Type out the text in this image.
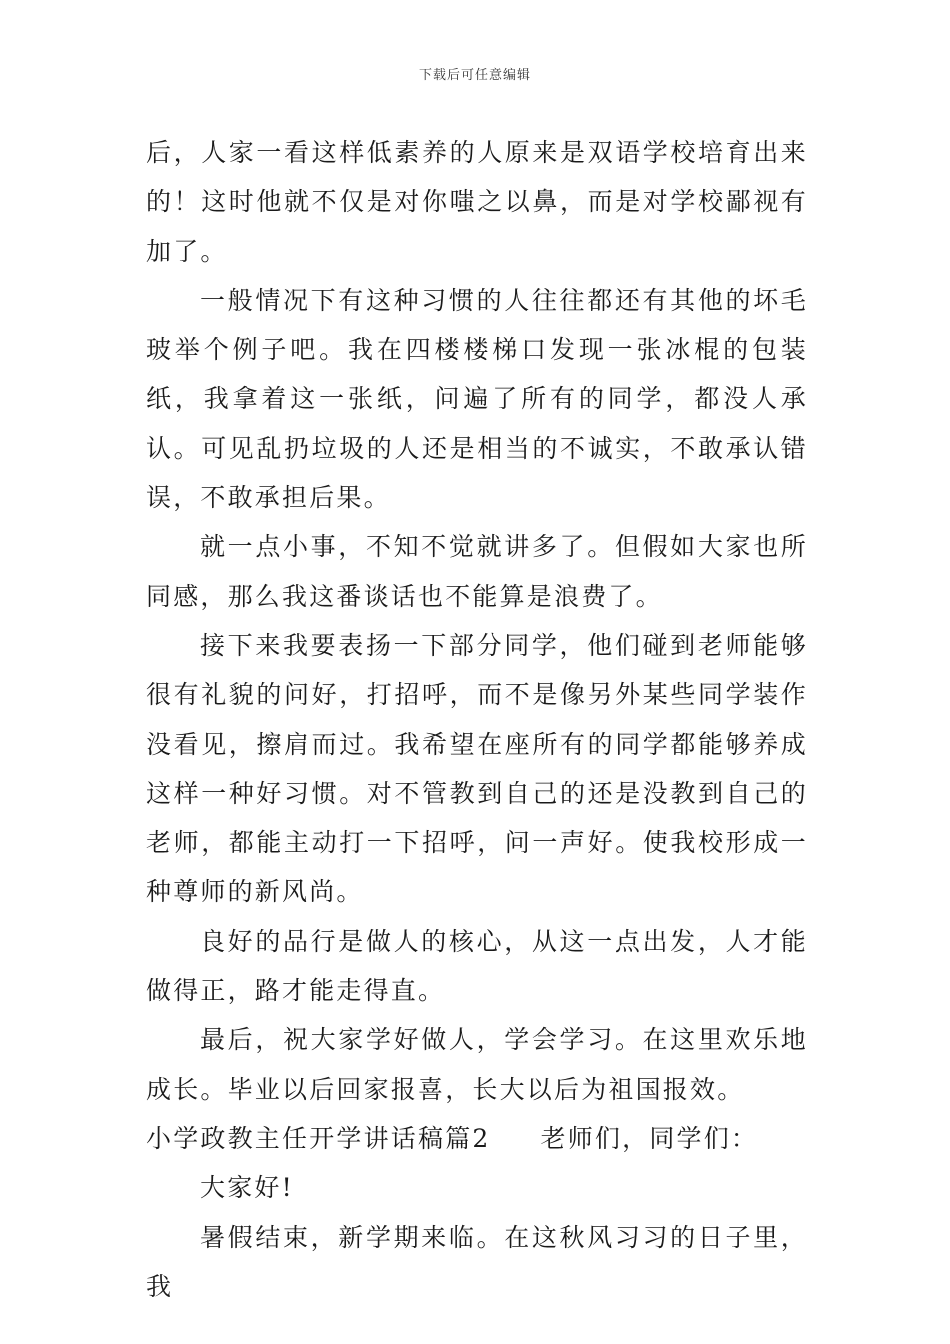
下载后可任意编辑

后，人家一看这样低素养的人原来是双语学校培育出来的！这时他就不仅是对你嗤之以鼻，而是对学校鄙视有加了。

一般情况下有这种习惯的人往往都还有其他的坏毛玻举个例子吧。我在四楼楼梯口发现一张冰棍的包装纸，我拿着这一张纸，问遍了所有的同学，都没人承认。可见乱扔垃圾的人还是相当的不诚实，不敢承认错误，不敢承担后果。

就一点小事，不知不觉就讲多了。但假如大家也所同感，那么我这番谈话也不能算是浪费了。

接下来我要表扬一下部分同学，他们碰到老师能够很有礼貌的问好，打招呼，而不是像另外某些同学装作没看见，擦肩而过。我希望在座所有的同学都能够养成这样一种好习惯。对不管教到自己的还是没教到自己的老师，都能主动打一下招呼，问一声好。使我校形成一种尊师的新风尚。

良好的品行是做人的核心，从这一点出发，人才能做得正，路才能走得直。

最后，祝大家学好做人，学会学习。在这里欢乐地成长。毕业以后回家报喜，长大以后为祖国报效。

小学政教主任开学讲话稿篇2 老师们，同学们：

大家好!

暑假结束，新学期来临。在这秋风习习的日子里，我
